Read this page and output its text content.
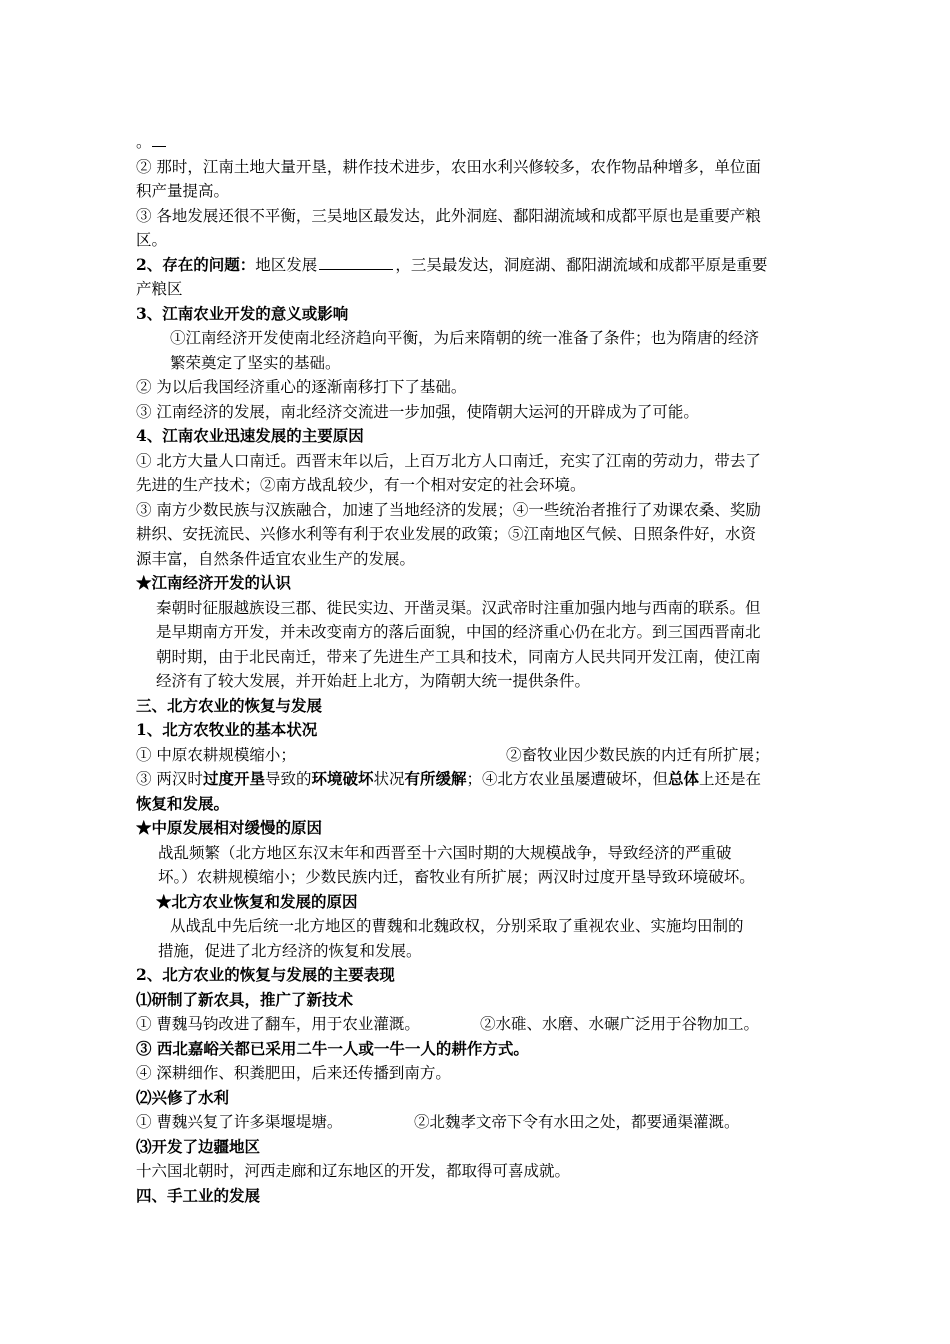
。
② 那时，江南土地大量开垦，耕作技术进步，农田水利兴修较多，农作物品种增多，单位面
积产量提高。
③ 各地发展还很不平衡，三吴地区最发达，此外洞庭、鄱阳湖流域和成都平原也是重要产粮
区。
2、存在的问题：地区发展	，三吴最发达，洞庭湖、鄱阳湖流域和成都平原是重要
产粮区
3、江南农业开发的意义或影响
①江南经济开发使南北经济趋向平衡，为后来隋朝的统一准备了条件；也为隋唐的经济
繁荣奠定了坚实的基础。
② 为以后我国经济重心的逐渐南移打下了基础。
③ 江南经济的发展，南北经济交流进一步加强，使隋朝大运河的开辟成为了可能。
4、江南农业迅速发展的主要原因
① 北方大量人口南迁。西晋末年以后，上百万北方人口南迁，充实了江南的劳动力，带去了
先进的生产技术；②南方战乱较少，有一个相对安定的社会环境。
③ 南方少数民族与汉族融合，加速了当地经济的发展；④一些统治者推行了劝课农桑、奖励
耕织、安抚流民、兴修水利等有利于农业发展的政策；⑤江南地区气候、日照条件好，水资
源丰富，自然条件适宜农业生产的发展。
★江南经济开发的认识
秦朝时征服越族设三郡、徙民实边、开凿灵渠。汉武帝时注重加强内地与西南的联系。但
是早期南方开发，并未改变南方的落后面貌，中国的经济重心仍在北方。到三国西晋南北
朝时期，由于北民南迁，带来了先进生产工具和技术，同南方人民共同开发江南，使江南
经济有了较大发展，并开始赶上北方，为隋朝大统一提供条件。
三、北方农业的恢复与发展
1、北方农牧业的基本状况
① 中原农耕规模缩小；	②畜牧业因少数民族的内迁有所扩展；
③ 两汉时过度开垦导致的环境破坏状况有所缓解；④北方农业虽屡遭破坏，但总体上还是在
恢复和发展。
★中原发展相对缓慢的原因
战乱频繁（北方地区东汉末年和西晋至十六国时期的大规模战争，导致经济的严重破
坏。）农耕规模缩小；少数民族内迁，畜牧业有所扩展；两汉时过度开垦导致环境破坏。
★北方农业恢复和发展的原因
从战乱中先后统一北方地区的曹魏和北魏政权，分别采取了重视农业、实施均田制的
措施，促进了北方经济的恢复和发展。
2、北方农业的恢复与发展的主要表现
⑴研制了新农具，推广了新技术
① 曹魏马钧改进了翻车，用于农业灌溉。	②水碓、水磨、水碾广泛用于谷物加工。
③ 西北嘉峪关都已采用二牛一人或一牛一人的耕作方式。
④ 深耕细作、积粪肥田，后来还传播到南方。
⑵兴修了水利
① 曹魏兴复了许多渠堰堤塘。	②北魏孝文帝下令有水田之处，都要通渠灌溉。
⑶开发了边疆地区
十六国北朝时，河西走廊和辽东地区的开发，都取得可喜成就。
四、手工业的发展
